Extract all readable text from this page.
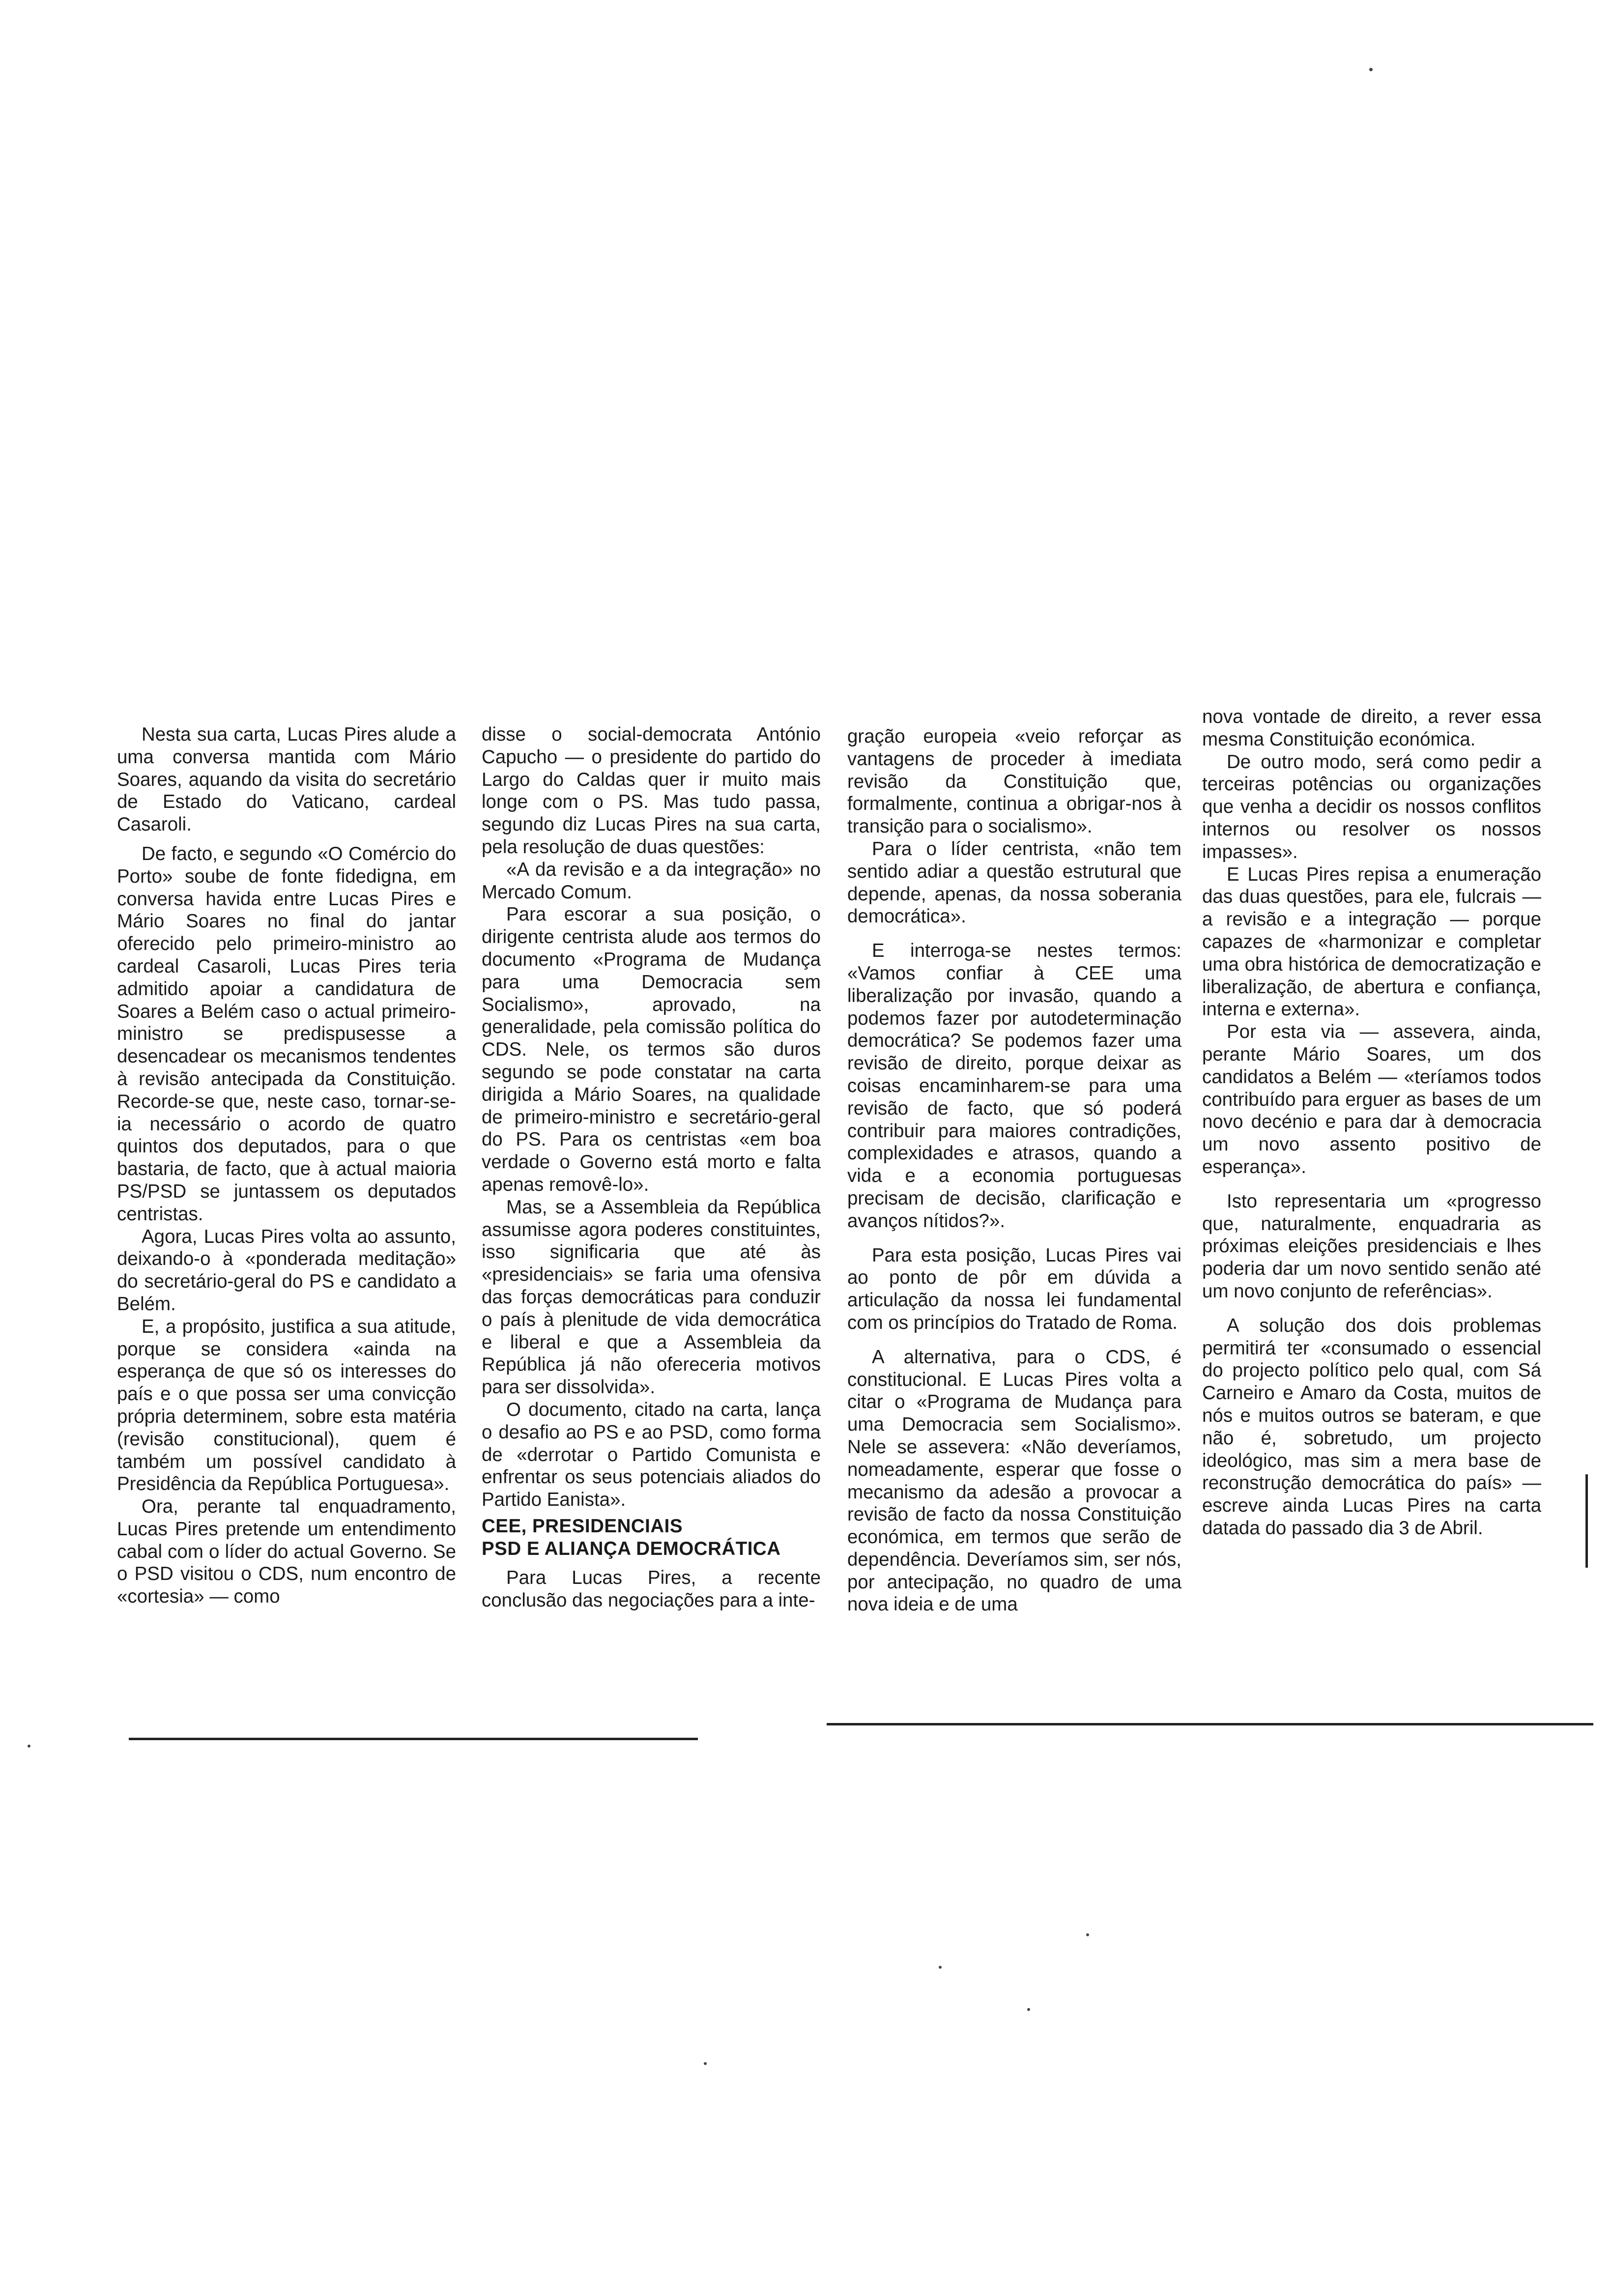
Nesta sua carta, Lucas Pires alude a uma conversa mantida com Mário Soares, aquando da visita do secretário de Estado do Vaticano, cardeal Casaroli.

De facto, e segundo «O Comércio do Porto» soube de fonte fidedigna, em conversa havida entre Lucas Pires e Mário Soares no final do jantar oferecido pelo primeiro-ministro ao cardeal Casaroli, Lucas Pires teria admitido apoiar a candidatura de Soares a Belém caso o actual primeiro-ministro se predispusesse a desencadear os mecanismos tendentes à revisão antecipada da Constituição. Recorde-se que, neste caso, tornar-se-ia necessário o acordo de quatro quintos dos deputados, para o que bastaria, de facto, que à actual maioria PS/PSD se juntassem os deputados centristas.

Agora, Lucas Pires volta ao assunto, deixando-o à «ponderada meditação» do secretário-geral do PS e candidato a Belém.

E, a propósito, justifica a sua atitude, porque se considera «ainda na esperança de que só os interesses do país e o que possa ser uma convicção própria determinem, sobre esta matéria (revisão constitucional), quem é também um possível candidato à Presidência da República Portuguesa».

Ora, perante tal enquadramento, Lucas Pires pretende um entendimento cabal com o líder do actual Governo. Se o PSD visitou o CDS, num encontro de «cortesia» — como

disse o social-democrata António Capucho — o presidente do partido do Largo do Caldas quer ir muito mais longe com o PS. Mas tudo passa, segundo diz Lucas Pires na sua carta, pela resolução de duas questões:

«A da revisão e a da integração» no Mercado Comum.

Para escorar a sua posição, o dirigente centrista alude aos termos do documento «Programa de Mudança para uma Democracia sem Socialismo», aprovado, na generalidade, pela comissão política do CDS. Nele, os termos são duros segundo se pode constatar na carta dirigida a Mário Soares, na qualidade de primeiro-ministro e secretário-geral do PS. Para os centristas «em boa verdade o Governo está morto e falta apenas removê-lo».

Mas, se a Assembleia da República assumisse agora poderes constituintes, isso significaria que até às «presidenciais» se faria uma ofensiva das forças democráticas para conduzir o país à plenitude de vida democrática e liberal e que a Assembleia da República já não ofereceria motivos para ser dissolvida».

O documento, citado na carta, lança o desafio ao PS e ao PSD, como forma de «derrotar o Partido Comunista e enfrentar os seus potenciais aliados do Partido Eanista».

CEE, PRESIDENCIAIS
PSD E ALIANÇA DEMOCRÁTICA

Para Lucas Pires, a recente conclusão das negociações para a inte-

gração europeia «veio reforçar as vantagens de proceder à imediata revisão da Constituição que, formalmente, continua a obrigar-nos à transição para o socialismo».

Para o líder centrista, «não tem sentido adiar a questão estrutural que depende, apenas, da nossa soberania democrática».

E interroga-se nestes termos: «Vamos confiar à CEE uma liberalização por invasão, quando a podemos fazer por autodeterminação democrática? Se podemos fazer uma revisão de direito, porque deixar as coisas encaminharem-se para uma revisão de facto, que só poderá contribuir para maiores contradições, complexidades e atrasos, quando a vida e a economia portuguesas precisam de decisão, clarificação e avanços nítidos?».

Para esta posição, Lucas Pires vai ao ponto de pôr em dúvida a articulação da nossa lei fundamental com os princípios do Tratado de Roma.

A alternativa, para o CDS, é constitucional. E Lucas Pires volta a citar o «Programa de Mudança para uma Democracia sem Socialismo». Nele se assevera: «Não deveríamos, nomeadamente, esperar que fosse o mecanismo da adesão a provocar a revisão de facto da nossa Constituição económica, em termos que serão de dependência. Deveríamos sim, ser nós, por antecipação, no quadro de uma nova ideia e de uma

nova vontade de direito, a rever essa mesma Constituição económica.

De outro modo, será como pedir a terceiras potências ou organizações que venha a decidir os nossos conflitos internos ou resolver os nossos impasses».

E Lucas Pires repisa a enumeração das duas questões, para ele, fulcrais — a revisão e a integração — porque capazes de «harmonizar e completar uma obra histórica de democratização e liberalização, de abertura e confiança, interna e externa».

Por esta via — assevera, ainda, perante Mário Soares, um dos candidatos a Belém — «teríamos todos contribuído para erguer as bases de um novo decénio e para dar à democracia um novo assento positivo de esperança».

Isto representaria um «progresso que, naturalmente, enquadraria as próximas eleições presidenciais e lhes poderia dar um novo sentido senão até um novo conjunto de referências».

A solução dos dois problemas permitirá ter «consumado o essencial do projecto político pelo qual, com Sá Carneiro e Amaro da Costa, muitos de nós e muitos outros se bateram, e que não é, sobretudo, um projecto ideológico, mas sim a mera base de reconstrução democrática do país» — escreve ainda Lucas Pires na carta datada do passado dia 3 de Abril.
